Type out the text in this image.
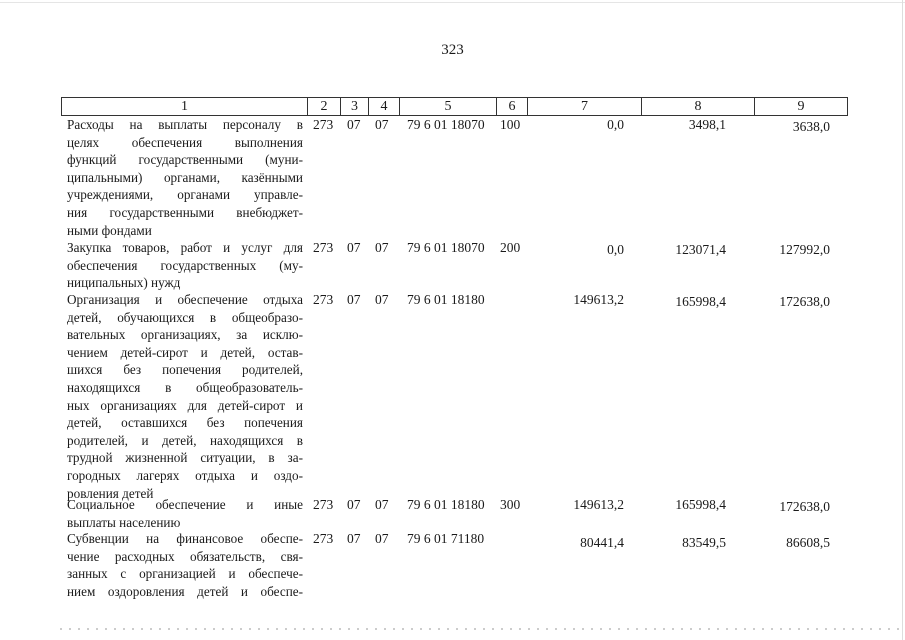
323
1	2	3	4	5	6	7	8	9
Расходы на выплаты персоналу в
целях обеспечения выполнения
функций государственными (муни-
ципальными) органами, казёнными
учреждениями, органами управле-
ния государственными внебюджет-
ными фондами
273 07 07 79 6 01 18070 100	0,0	3498,1	3638,0
Закупка товаров, работ и услуг для
обеспечения государственных (му-
ниципальных) нужд
273 07 07 79 6 01 18070 200	0,0	123071,4	127992,0
Организация и обеспечение отдыха
детей, обучающихся в общеобразо-
вательных организациях, за исклю-
чением детей-сирот и детей, остав-
шихся без попечения родителей,
находящихся в общеобразователь-
ных организациях для детей-сирот и
детей, оставшихся без попечения
родителей, и детей, находящихся в
трудной жизненной ситуации, в за-
городных лагерях отдыха и оздо-
ровления детей
273 07 07 79 6 01 18180	149613,2	165998,4	172638,0
Социальное обеспечение и иные
выплаты населению
273 07 07 79 6 01 18180 300	149613,2	165998,4	172638,0
Субвенции на финансовое обеспе-
чение расходных обязательств, свя-
занных с организацией и обеспече-
нием оздоровления детей и обеспе-
273 07 07 79 6 01 71180	80441,4	83549,5	86608,5
